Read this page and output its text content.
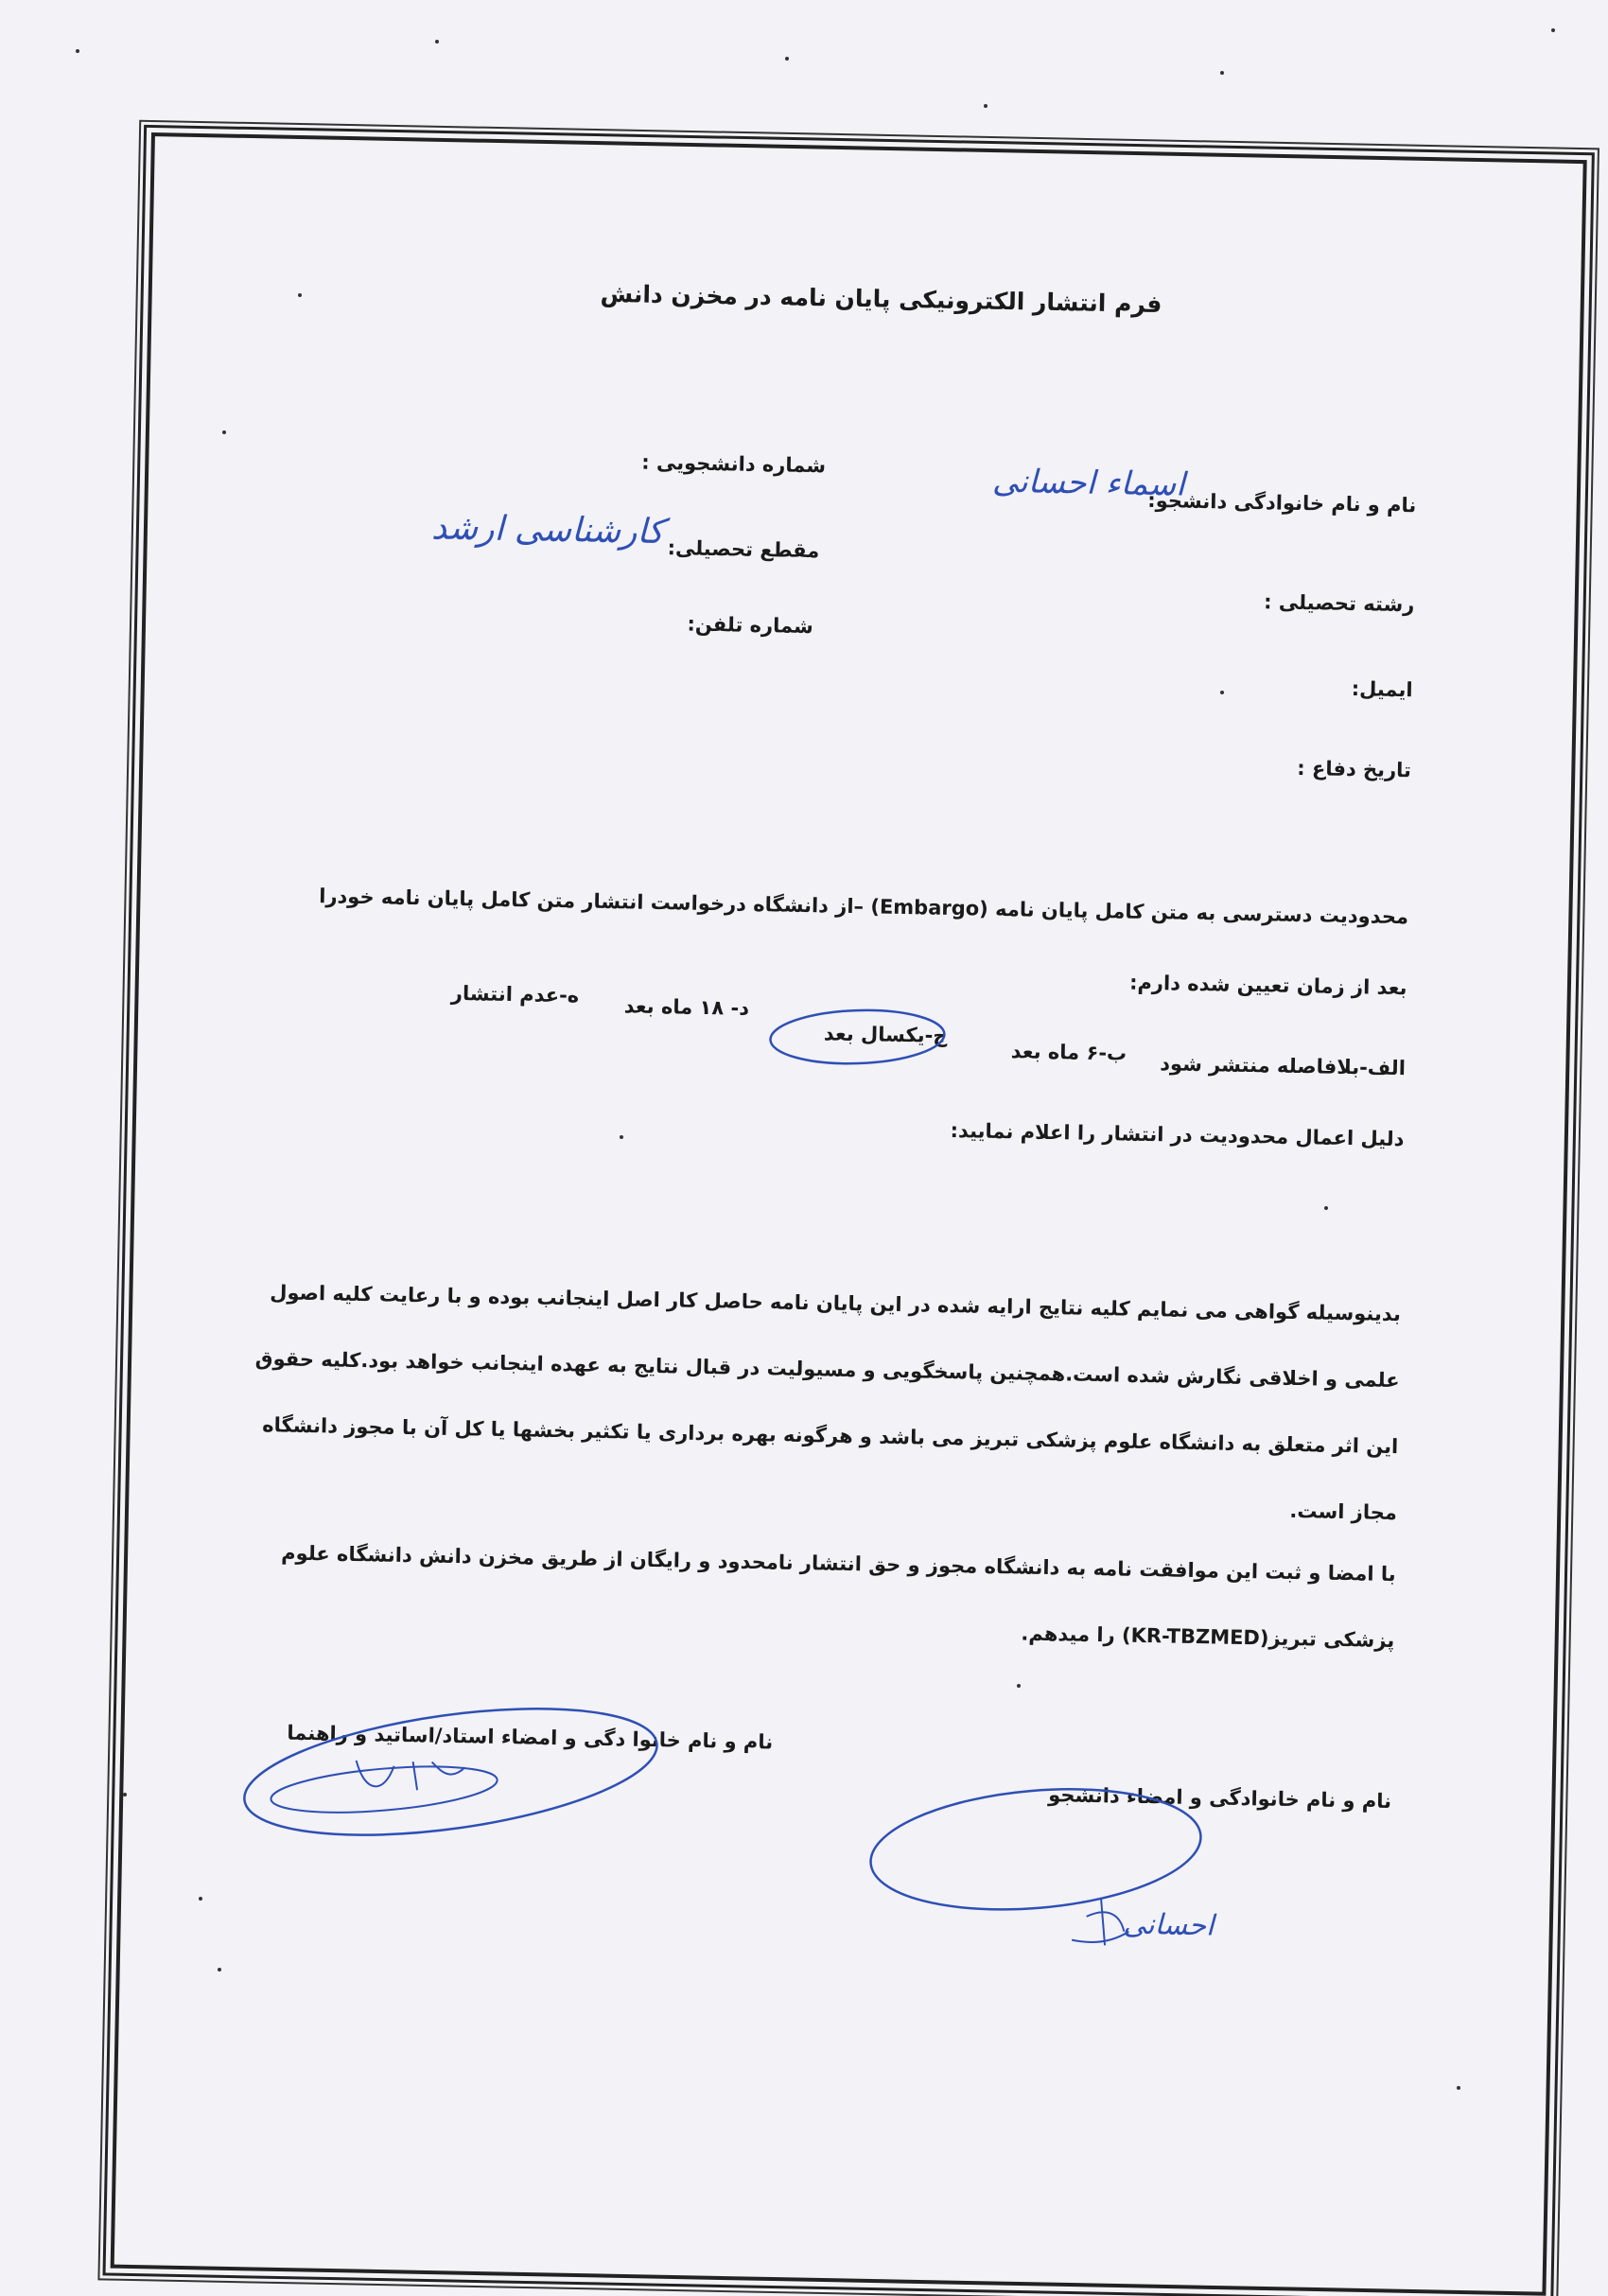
فرم انتشار الکترونیکی پایان نامه در مخزن دانش
نام و نام خانوادگی دانشجو:
اسماء احسانی
شماره دانشجویی :
مقطع تحصیلی:
کارشناسی ارشد
رشته تحصیلی :
شماره تلفن:
ایمیل:
تاریخ دفاع :
محدودیت دسترسی به متن کامل پایان نامه (Embargo) –از دانشگاه درخواست انتشار متن کامل پایان نامه خودرا
بعد از زمان تعیین شده دارم:
الف-بلافاصله منتشر شود
ب-۶ ماه بعد
ج-یکسال بعد
د- ۱۸ ماه بعد
ه-عدم انتشار
دلیل اعمال محدودیت در انتشار را اعلام نمایید:
بدینوسیله گواهی می نمایم کلیه نتایج ارایه شده در این پایان نامه حاصل کار اصل اینجانب بوده و با رعایت کلیه اصول
علمی و اخلاقی نگارش شده است.همچنین پاسخگویی و مسیولیت در قبال نتایج به عهده اینجانب خواهد بود.کلیه حقوق
این اثر متعلق به دانشگاه علوم پزشکی تبریز می باشد و هرگونه بهره برداری یا تکثیر بخشها یا کل آن با مجوز دانشگاه
مجاز است.
با امضا و ثبت این موافقت نامه به دانشگاه مجوز و حق انتشار نامحدود و رایگان از طریق مخزن دانش دانشگاه علوم
پزشکی تبریز(KR-TBZMED) را میدهم.
نام و نام خانوا دگی و امضاء استاد/اساتید و راهنما
نام و نام خانوادگی و امضاء دانشجو
احسانی
